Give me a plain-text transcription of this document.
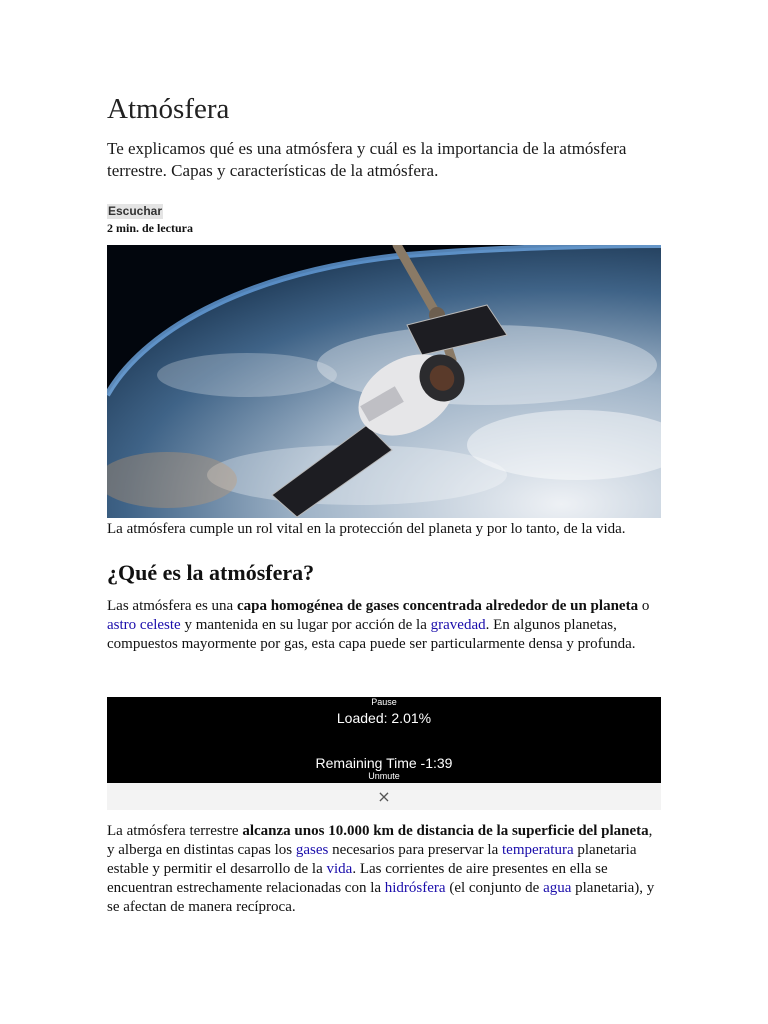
Atmósfera

Te explicamos qué es una atmósfera y cuál es la importancia de la atmósfera terrestre. Capas y características de la atmósfera.

Escuchar
2 min. de lectura

La atmósfera cumple un rol vital en la protección del planeta y por lo tanto, de la vida.

¿Qué es la atmósfera?

Las atmósfera es una capa homogénea de gases concentrada alrededor de un planeta o astro celeste y mantenida en su lugar por acción de la gravedad. En algunos planetas, compuestos mayormente por gas, esta capa puede ser particularmente densa y profunda.

Pause
Loaded: 2.01%
Remaining Time -1:39
Unmute
×

La atmósfera terrestre alcanza unos 10.000 km de distancia de la superficie del planeta, y alberga en distintas capas los gases necesarios para preservar la temperatura planetaria estable y permitir el desarrollo de la vida. Las corrientes de aire presentes en ella se encuentran estrechamente relacionadas con la hidrósfera (el conjunto de agua planetaria), y se afectan de manera recíproca.
